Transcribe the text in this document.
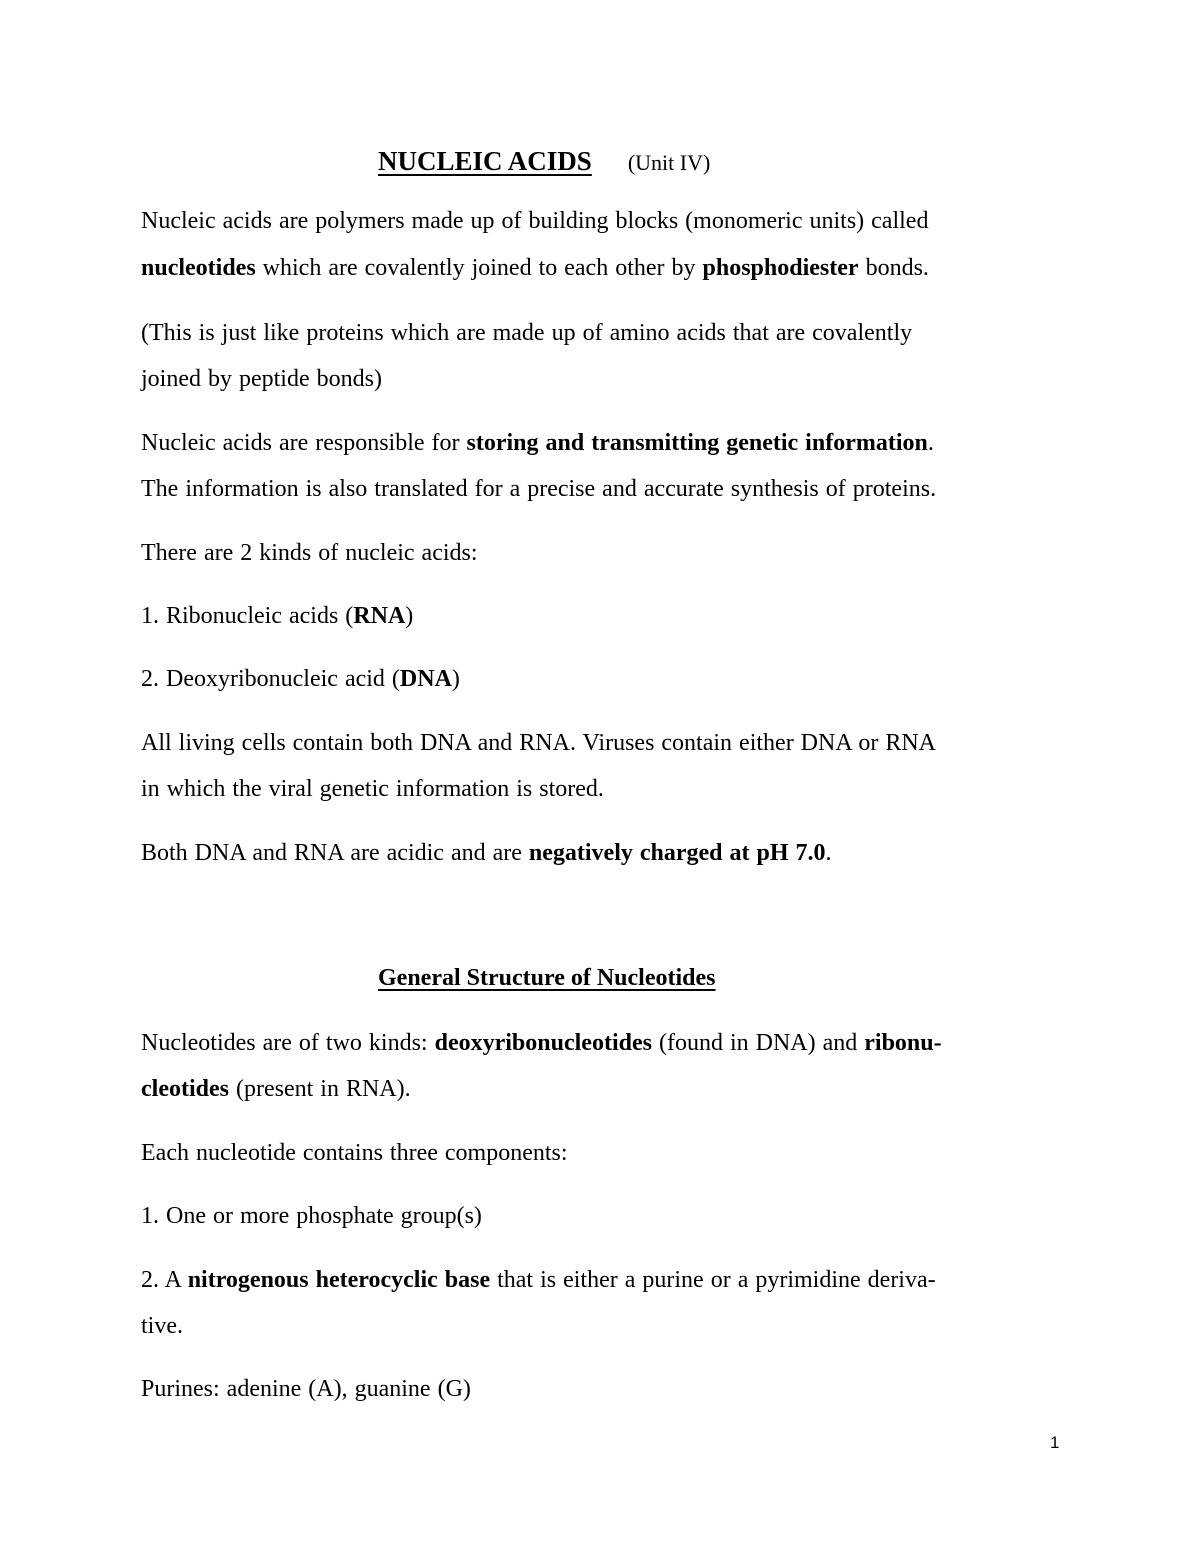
NUCLEIC ACIDS (Unit IV)
Nucleic acids are polymers made up of building blocks (monomeric units) called
nucleotides which are covalently joined to each other by phosphodiester bonds.
(This is just like proteins which are made up of amino acids that are covalently
joined by peptide bonds)
Nucleic acids are responsible for storing and transmitting genetic information.
The information is also translated for a precise and accurate synthesis of proteins.
There are 2 kinds of nucleic acids:
1. Ribonucleic acids (RNA)
2. Deoxyribonucleic acid (DNA)
All living cells contain both DNA and RNA. Viruses contain either DNA or RNA
in which the viral genetic information is stored.
Both DNA and RNA are acidic and are negatively charged at pH 7.0.
General Structure of Nucleotides
Nucleotides are of two kinds: deoxyribonucleotides (found in DNA) and ribonu-
cleotides (present in RNA).
Each nucleotide contains three components:
1. One or more phosphate group(s)
2. A nitrogenous heterocyclic base that is either a purine or a pyrimidine deriva-
tive.
Purines: adenine (A), guanine (G)
1
